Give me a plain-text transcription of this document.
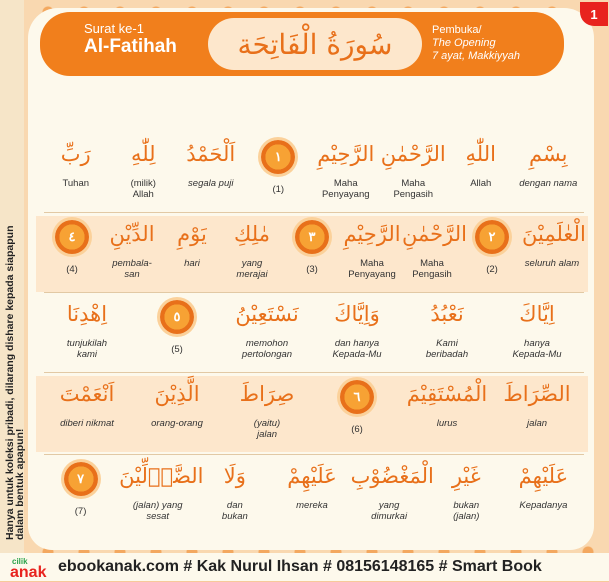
Hanya untuk koleksi pribadi, dilarang dishare kepada siapapun
Surat ke-1
Al-Fatihah	سُورَةُ الْفَاتِحَة	Pembuka/
The Opening
7 ayat, Makkiyyah
1
رَبِّ
Tuhan
لِلّٰهِ
(milik)
Allah
اَلْحَمْدُ
segala puji
١
(1)
الرَّحِيْمِ
Maha
Penyayang
الرَّحْمٰنِ
Maha
Pengasih
اللّٰهِ
Allah
بِسْمِ
dengan nama
٤
(4)
الدِّيْنِ
pembala-
san
يَوْمِ
hari
مٰلِكِ
yang
merajai
٣
(3)
الرَّحِيْمِ
Maha
Penyayang
الرَّحْمٰنِ
Maha
Pengasih
٢
(2)
الْعٰلَمِيْنَ
seluruh alam
اِهْدِنَا
tunjukilah
kami
٥
(5)
نَسْتَعِيْنُ
memohon
pertolongan
وَاِيَّاكَ
dan hanya
Kepada-Mu
نَعْبُدُ
Kami
beribadah
اِيَّاكَ
hanya
Kepada-Mu
اَنْعَمْتَ
diberi nikmat
الَّذِيْنَ
orang-orang
صِرَاطَ
(yaitu)
jalan
٦
(6)
الْمُسْتَقِيْمَ
lurus
الصِّرَاطَ
jalan
٧
(7)
الضَّاۤلِّيْنَ
(jalan) yang
sesat
وَلَا
dan
bukan
عَلَيْهِمْ
mereka
الْمَغْضُوْبِ
yang
dimurkai
غَيْرِ
bukan
(jalan)
عَلَيْهِمْ
Kepadanya
cilik
anak ebookanak.com # Kak Nurul Ihsan # 08156148165 # Smart Book
